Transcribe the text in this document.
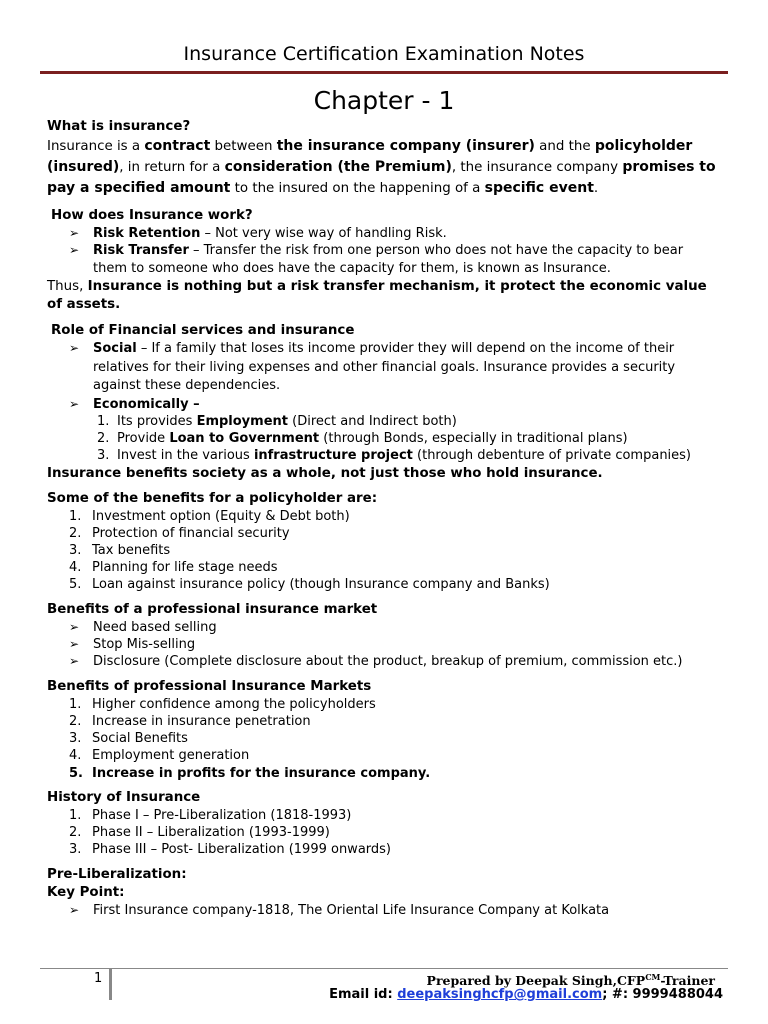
Insurance Certification Examination Notes
Chapter - 1

What is insurance?

Insurance is a contract between the insurance company (insurer) and the policyholder (insured), in return for a consideration (the Premium), the insurance company promises to pay a specified amount to the insured on the happening of a specific event.

How does Insurance work?

➢ Risk Retention – Not very wise way of handling Risk.

➢ Risk Transfer – Transfer the risk from one person who does not have the capacity to bear them to someone who does have the capacity for them, is known as Insurance.

Thus, Insurance is nothing but a risk transfer mechanism, it protect the economic value of assets.

Role of Financial services and insurance

➢ Social – If a family that loses its income provider they will depend on the income of their relatives for their living expenses and other financial goals. Insurance provides a security against these dependencies.

➢ Economically –

1. Its provides Employment (Direct and Indirect both)

2. Provide Loan to Government (through Bonds, especially in traditional plans)

3. Invest in the various infrastructure project (through debenture of private companies)

Insurance benefits society as a whole, not just those who hold insurance.

Some of the benefits for a policyholder are:

1. Investment option (Equity & Debt both)

2. Protection of financial security

3. Tax benefits

4. Planning for life stage needs

5. Loan against insurance policy (though Insurance company and Banks)

Benefits of a professional insurance market

➢ Need based selling

➢ Stop Mis-selling

➢ Disclosure (Complete disclosure about the product, breakup of premium, commission etc.)

Benefits of professional Insurance Markets

1. Higher confidence among the policyholders

2. Increase in insurance penetration

3. Social Benefits

4. Employment generation

5. Increase in profits for the insurance company.

History of Insurance

1. Phase I – Pre-Liberalization (1818-1993)

2. Phase II – Liberalization (1993-1999)

3. Phase III – Post- Liberalization (1999 onwards)

Pre-Liberalization:

Key Point:

➢ First Insurance company-1818, The Oriental Life Insurance Company at Kolkata

1	Prepared by Deepak $Singh,CFP^{CM}$-Trainer
Email id: deepaksinghcfp@gmail.com; #: 9999488044
